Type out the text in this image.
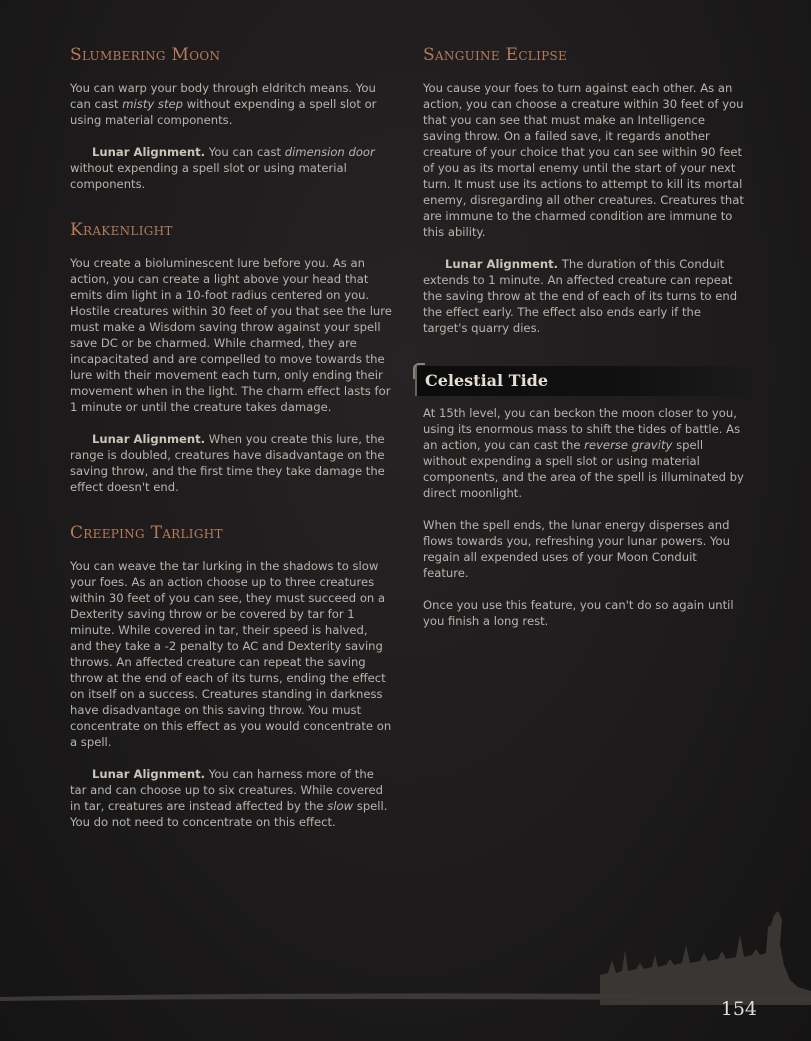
Slumbering Moon

You can warp your body through eldritch means. You can cast misty step without expending a spell slot or using material components.

Lunar Alignment. You can cast dimension door without expending a spell slot or using material components.

Krakenlight

You create a bioluminescent lure before you. As an action, you can create a light above your head that emits dim light in a 10-foot radius centered on you. Hostile creatures within 30 feet of you that see the lure must make a Wisdom saving throw against your spell save DC or be charmed. While charmed, they are incapacitated and are compelled to move towards the lure with their movement each turn, only ending their movement when in the light. The charm effect lasts for 1 minute or until the creature takes damage.

Lunar Alignment. When you create this lure, the range is doubled, creatures have disadvantage on the saving throw, and the first time they take damage the effect doesn't end.

Creeping Tarlight

You can weave the tar lurking in the shadows to slow your foes. As an action choose up to three creatures within 30 feet of you can see, they must succeed on a Dexterity saving throw or be covered by tar for 1 minute. While covered in tar, their speed is halved, and they take a -2 penalty to AC and Dexterity saving throws. An affected creature can repeat the saving throw at the end of each of its turns, ending the effect on itself on a success. Creatures standing in darkness have disadvantage on this saving throw. You must concentrate on this effect as you would concentrate on a spell.

Lunar Alignment. You can harness more of the tar and can choose up to six creatures. While covered in tar, creatures are instead affected by the slow spell. You do not need to concentrate on this effect.

Sanguine Eclipse

You cause your foes to turn against each other. As an action, you can choose a creature within 30 feet of you that you can see that must make an Intelligence saving throw. On a failed save, it regards another creature of your choice that you can see within 90 feet of you as its mortal enemy until the start of your next turn. It must use its actions to attempt to kill its mortal enemy, disregarding all other creatures. Creatures that are immune to the charmed condition are immune to this ability.

Lunar Alignment. The duration of this Conduit extends to 1 minute. An affected creature can repeat the saving throw at the end of each of its turns to end the effect early. The effect also ends early if the target's quarry dies.

Celestial Tide

At 15th level, you can beckon the moon closer to you, using its enormous mass to shift the tides of battle. As an action, you can cast the reverse gravity spell without expending a spell slot or using material components, and the area of the spell is illuminated by direct moonlight.

When the spell ends, the lunar energy disperses and flows towards you, refreshing your lunar powers. You regain all expended uses of your Moon Conduit feature.

Once you use this feature, you can't do so again until you finish a long rest.

154
